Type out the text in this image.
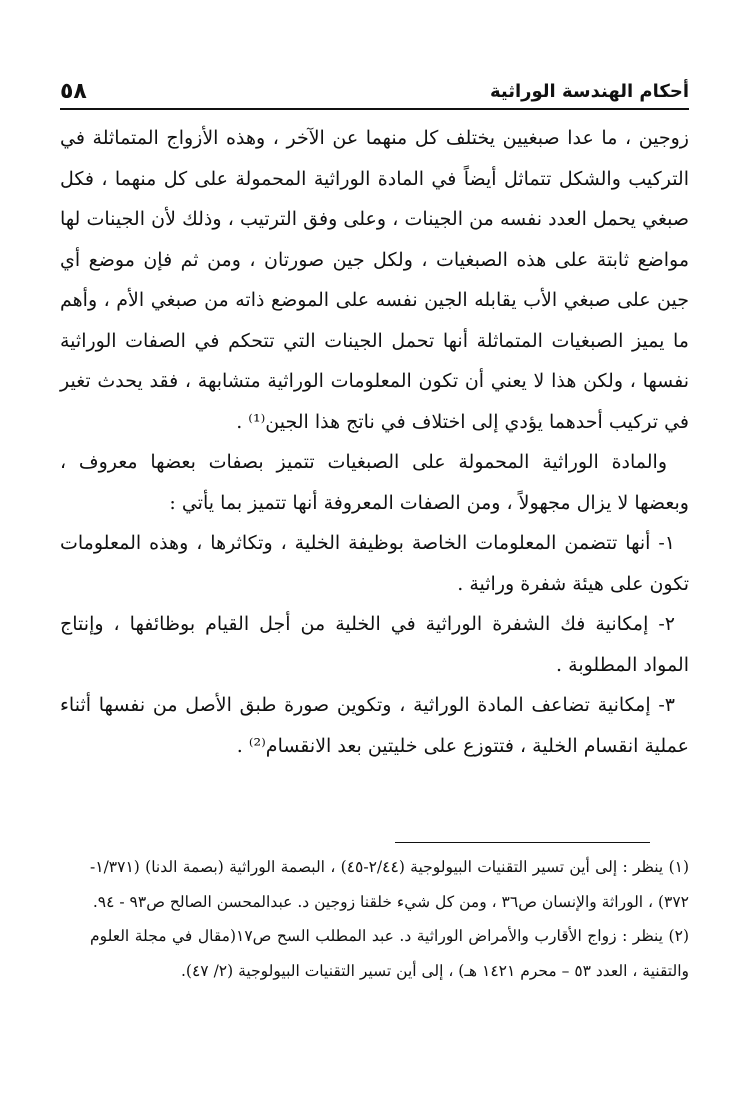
أحكام الهندسة الوراثية
٥٨

زوجين ، ما عدا صبغيين يختلف كل منهما عن الآخر ، وهذه الأزواج المتماثلة في التركيب والشكل تتماثل أيضاً في المادة الوراثية المحمولة على كل منهما ، فكل صبغي يحمل العدد نفسه من الجينات ، وعلى وفق الترتيب ، وذلك لأن الجينات لها مواضع ثابتة على هذه الصبغيات ، ولكل جين صورتان ، ومن ثم فإن موضع أي جين على صبغي الأب يقابله الجين نفسه على الموضع ذاته من صبغي الأم ، وأهم ما يميز الصبغيات المتماثلة أنها تحمل الجينات التي تتحكم في الصفات الوراثية نفسها ، ولكن هذا لا يعني أن تكون المعلومات الوراثية متشابهة ، فقد يحدث تغير في تركيب أحدهما يؤدي إلى اختلاف في ناتج هذا الجين⁽¹⁾ .

والمادة الوراثية المحمولة على الصبغيات تتميز بصفات بعضها معروف ، وبعضها لا يزال مجهولاً ، ومن الصفات المعروفة أنها تتميز بما يأتي :

١- أنها تتضمن المعلومات الخاصة بوظيفة الخلية ، وتكاثرها ، وهذه المعلومات تكون على هيئة شفرة وراثية .

٢- إمكانية فك الشفرة الوراثية في الخلية من أجل القيام بوظائفها ، وإنتاج المواد المطلوبة .

٣- إمكانية تضاعف المادة الوراثية ، وتكوين صورة طبق الأصل من نفسها أثناء عملية انقسام الخلية ، فتتوزع على خليتين بعد الانقسام⁽²⁾ .

(١) ينظر : إلى أين تسير التقنيات البيولوجية (٢/٤٤-٤٥) ، البصمة الوراثية (بصمة الدنا) (١/٣٧١- ٣٧٢) ، الوراثة والإنسان ص٣٦ ، ومن كل شيء خلقنا زوجين د. عبدالمحسن الصالح ص٩٣ - ٩٤.

(٢) ينظر : زواج الأقارب والأمراض الوراثية د. عبد المطلب السح ص١٧(مقال في مجلة العلوم والتقنية ، العدد ٥٣ – محرم ١٤٢١ هـ) ، إلى أين تسير التقنيات البيولوجية (٢/ ٤٧).
